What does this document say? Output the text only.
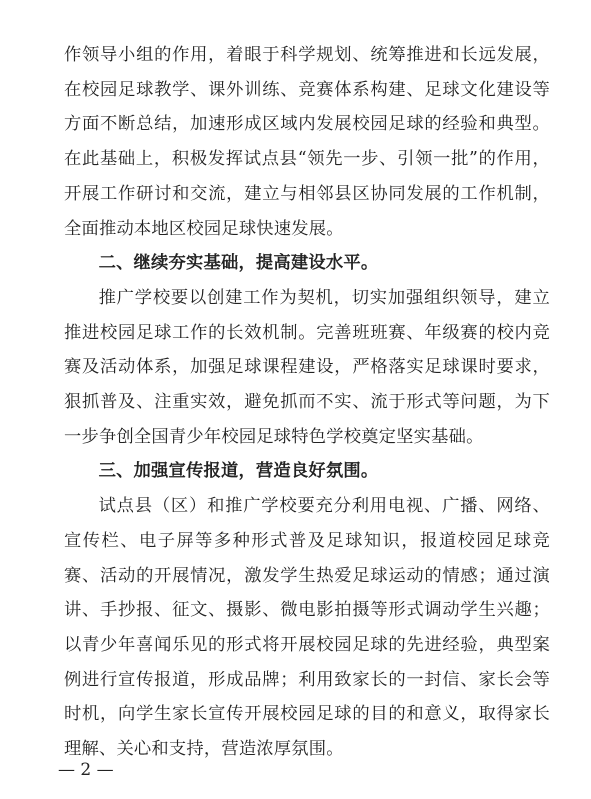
作领导小组的作用，着眼于科学规划、统筹推进和长远发展，在校园足球教学、课外训练、竞赛体系构建、足球文化建设等方面不断总结，加速形成区域内发展校园足球的经验和典型。在此基础上，积极发挥试点县“领先一步、引领一批”的作用，开展工作研讨和交流，建立与相邻县区协同发展的工作机制，全面推动本地区校园足球快速发展。

二、继续夯实基础，提高建设水平。

推广学校要以创建工作为契机，切实加强组织领导，建立推进校园足球工作的长效机制。完善班班赛、年级赛的校内竞赛及活动体系，加强足球课程建设，严格落实足球课时要求，狠抓普及、注重实效，避免抓而不实、流于形式等问题，为下一步争创全国青少年校园足球特色学校奠定坚实基础。

三、加强宣传报道，营造良好氛围。

试点县（区）和推广学校要充分利用电视、广播、网络、宣传栏、电子屏等多种形式普及足球知识，报道校园足球竞赛、活动的开展情况，激发学生热爱足球运动的情感；通过演讲、手抄报、征文、摄影、微电影拍摄等形式调动学生兴趣；以青少年喜闻乐见的形式将开展校园足球的先进经验，典型案例进行宣传报道，形成品牌；利用致家长的一封信、家长会等时机，向学生家长宣传开展校园足球的目的和意义，取得家长理解、关心和支持，营造浓厚氛围。

— 2 —
